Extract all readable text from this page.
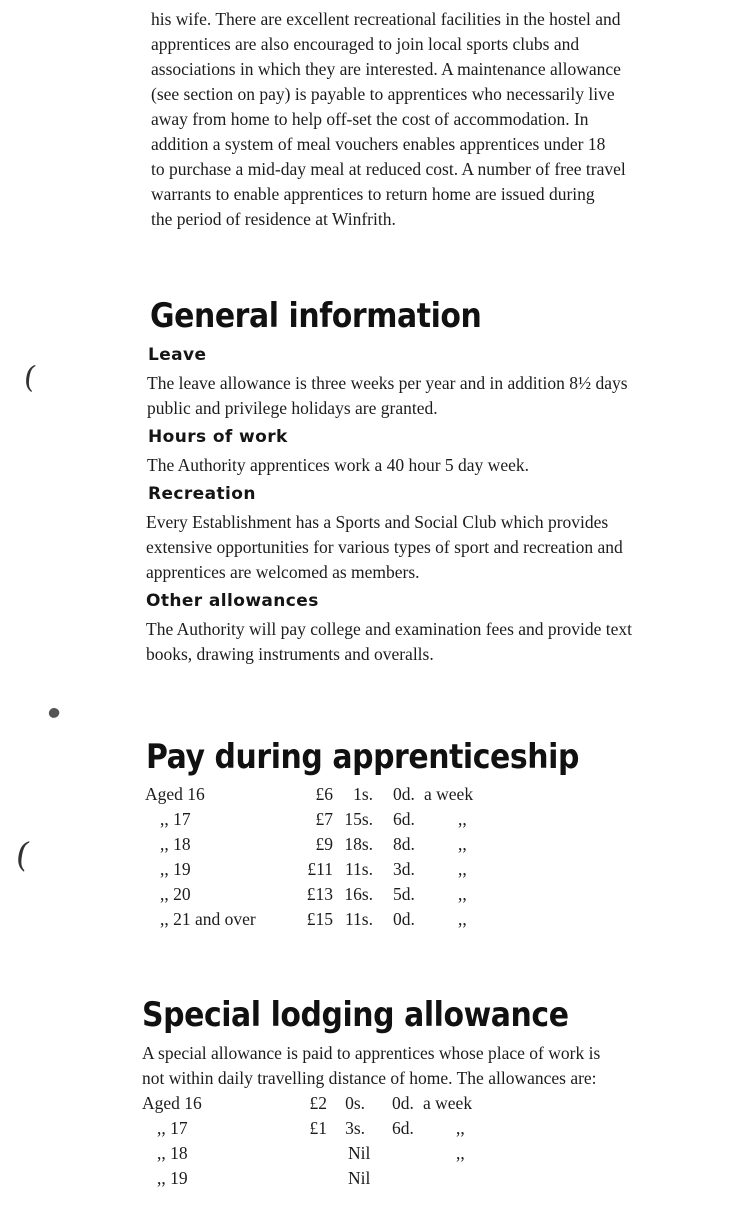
his wife. There are excellent recreational facilities in the hostel and

apprentices are also encouraged to join local sports clubs and

associations in which they are interested. A maintenance allowance

(see section on pay) is payable to apprentices who necessarily live

away from home to help off-set the cost of accommodation. In

addition a system of meal vouchers enables apprentices under 18

to purchase a mid-day meal at reduced cost. A number of free travel

warrants to enable apprentices to return home are issued during

the period of residence at Winfrith.

General information
Leave

The leave allowance is three weeks per year and in addition 8½ days

public and privilege holidays are granted.

Hours of work

The Authority apprentices work a 40 hour 5 day week.

Recreation

Every Establishment has a Sports and Social Club which provides

extensive opportunities for various types of sport and recreation and

apprentices are welcomed as members.

Other allowances

The Authority will pay college and examination fees and provide text

books, drawing instruments and overalls.

Pay during apprenticeship
Aged 16	£6 1s. 0d. a week
,, 17	£7 15s. 6d. ,,
,, 18	£9 18s. 8d. ,,
,, 19	£11 11s. 3d. ,,
,, 20	£13 16s. 5d. ,,
,, 21 and over	£15 11s. 0d. ,,
Special lodging allowance

A special allowance is paid to apprentices whose place of work is

not within daily travelling distance of home. The allowances are:

Aged 16	£2 0s. 0d. a week
,, 17	£1 3s. 6d. ,,
,, 18	Nil	,,
,, 19	Nil
(
(
